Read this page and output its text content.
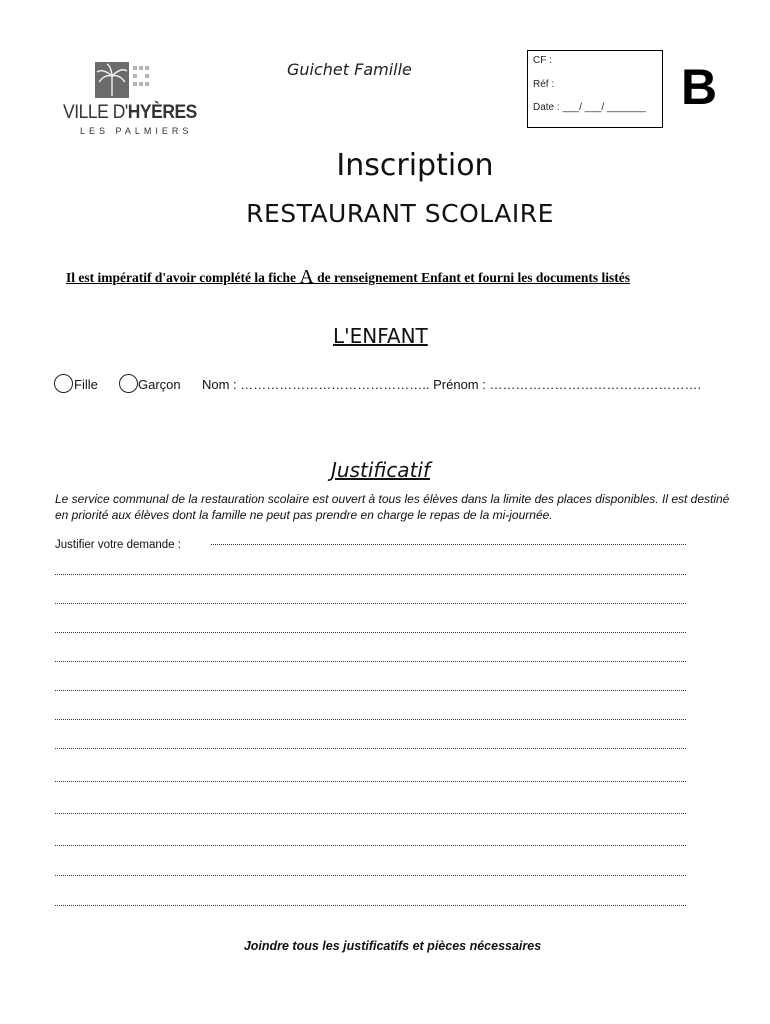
VILLE D'HYÈRES
LES PALMIERS
Guichet Famille	CF :
Réf :
Date : ___/ ___/ _______ B
Inscription
RESTAURANT SCOLAIRE
Il est impératif d'avoir complété la fiche A de renseignement Enfant et fourni les documents listés
L'ENFANT
Fille	Garçon Nom : …………………………………….. Prénom : ………………………………………….
Justificatif
Le service communal de la restauration scolaire est ouvert à tous les élèves dans la limite des places disponibles. Il est destiné en priorité aux élèves dont la famille ne peut pas prendre en charge le repas de la mi-journée.
Justifier votre demande :
Joindre tous les justificatifs et pièces nécessaires
